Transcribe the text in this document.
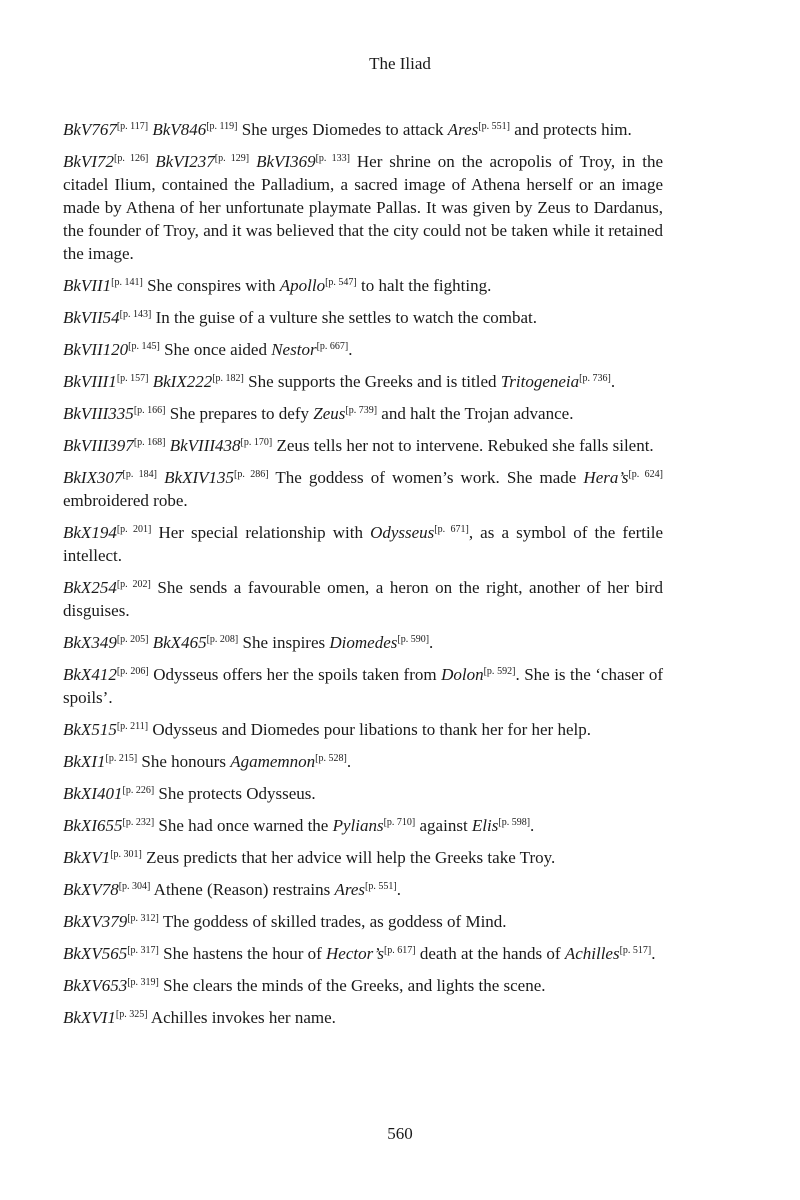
The Iliad

BkV767[p. 117] BkV846[p. 119] She urges Diomedes to attack Ares[p. 551] and protects him.

BkVI72[p. 126] BkVI237[p. 129] BkVI369[p. 133] Her shrine on the acropolis of Troy, in the citadel Ilium, contained the Palladium, a sacred image of Athena herself or an image made by Athena of her unfortunate playmate Pallas. It was given by Zeus to Dardanus, the founder of Troy, and it was believed that the city could not be taken while it retained the image.

BkVII1[p. 141] She conspires with Apollo[p. 547] to halt the fighting.

BkVII54[p. 143] In the guise of a vulture she settles to watch the combat.

BkVII120[p. 145] She once aided Nestor[p. 667].

BkVIII1[p. 157] BkIX222[p. 182] She supports the Greeks and is titled Tritogeneia[p. 736].

BkVIII335[p. 166] She prepares to defy Zeus[p. 739] and halt the Trojan advance.

BkVIII397[p. 168] BkVIII438[p. 170] Zeus tells her not to intervene. Rebuked she falls silent.

BkIX307[p. 184] BkXIV135[p. 286] The goddess of women’s work. She made Hera’s[p. 624] embroidered robe.

BkX194[p. 201] Her special relationship with Odysseus[p. 671], as a symbol of the fertile intellect.

BkX254[p. 202] She sends a favourable omen, a heron on the right, another of her bird disguises.

BkX349[p. 205] BkX465[p. 208] She inspires Diomedes[p. 590].

BkX412[p. 206] Odysseus offers her the spoils taken from Dolon[p. 592]. She is the ‘chaser of spoils’.

BkX515[p. 211] Odysseus and Diomedes pour libations to thank her for her help.

BkXI1[p. 215] She honours Agamemnon[p. 528].

BkXI401[p. 226] She protects Odysseus.

BkXI655[p. 232] She had once warned the Pylians[p. 710] against Elis[p. 598].

BkXV1[p. 301] Zeus predicts that her advice will help the Greeks take Troy.

BkXV78[p. 304] Athene (Reason) restrains Ares[p. 551].

BkXV379[p. 312] The goddess of skilled trades, as goddess of Mind.

BkXV565[p. 317] She hastens the hour of Hector’s[p. 617] death at the hands of Achilles[p. 517].

BkXV653[p. 319] She clears the minds of the Greeks, and lights the scene.

BkXVI1[p. 325] Achilles invokes her name.

560
